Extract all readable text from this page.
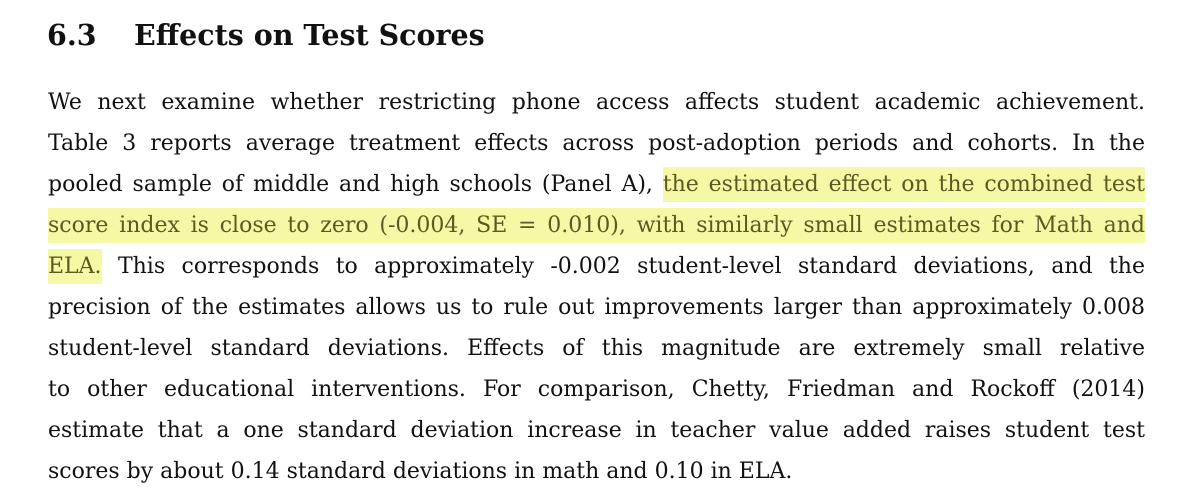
6.3 Effects on Test Scores
We next examine whether restricting phone access affects student academic achievement.
Table 3 reports average treatment effects across post-adoption periods and cohorts. In the
pooled sample of middle and high schools (Panel A), the estimated effect on the combined test
score index is close to zero (-0.004, SE = 0.010), with similarly small estimates for Math and
ELA. This corresponds to approximately -0.002 student-level standard deviations, and the
precision of the estimates allows us to rule out improvements larger than approximately 0.008
student-level standard deviations. Effects of this magnitude are extremely small relative
to other educational interventions. For comparison, Chetty, Friedman and Rockoff (2014)
estimate that a one standard deviation increase in teacher value added raises student test
scores by about 0.14 standard deviations in math and 0.10 in ELA.
